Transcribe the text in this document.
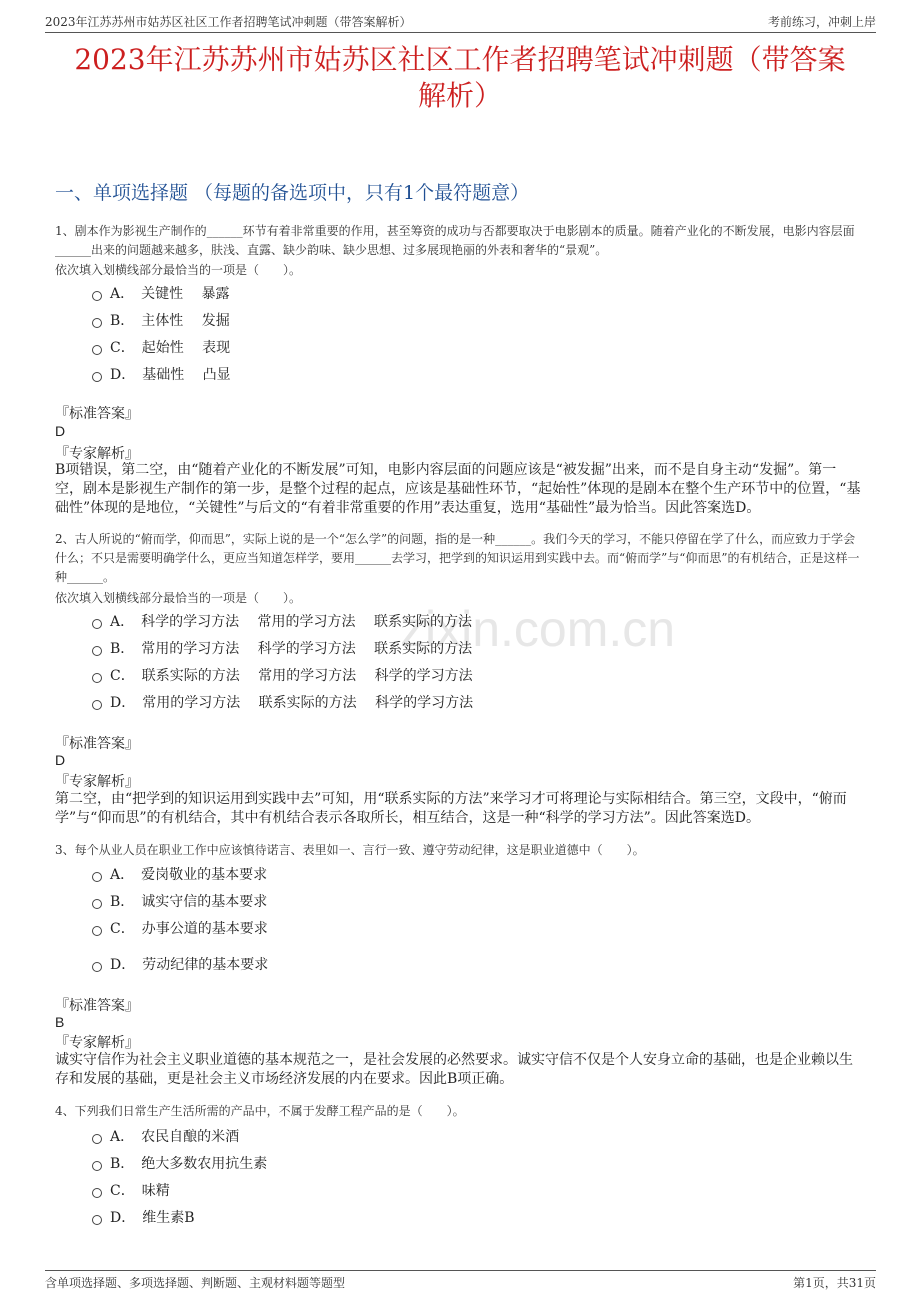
2023年江苏苏州市姑苏区社区工作者招聘笔试冲刺题（带答案解析）	考前练习，冲刺上岸
2023年江苏苏州市姑苏区社区工作者招聘笔试冲刺题（带答案
解析）
zixin.com.cn
一、单项选择题 （每题的备选项中，只有1个最符题意）
1、剧本作为影视生产制作的______环节有着非常重要的作用，甚至筹资的成功与否都要取决于电影剧本的质量。随着产业化的不断发展，电影内容层面______出来的问题越来越多，肤浅、直露、缺少韵味、缺少思想、过多展现艳丽的外表和奢华的“景观”。
依次填入划横线部分最恰当的一项是（　　）。
A．　关键性　 暴露
B．　主体性　 发掘
C．　起始性　 表现
D．　基础性　 凸显
『标准答案』
D
『专家解析』
B项错误，第二空，由“随着产业化的不断发展”可知，电影内容层面的问题应该是“被发掘”出来，而不是自身主动“发掘”。第一空，剧本是影视生产制作的第一步，是整个过程的起点，应该是基础性环节，“起始性”体现的是剧本在整个生产环节中的位置，“基础性”体现的是地位，“关键性”与后文的“有着非常重要的作用”表达重复，选用“基础性”最为恰当。因此答案选D。
2、古人所说的“俯而学，仰而思”，实际上说的是一个“怎么学”的问题，指的是一种______。我们今天的学习，不能只停留在学了什么，而应致力于学会什么；不只是需要明确学什么，更应当知道怎样学，要用______去学习，把学到的知识运用到实践中去。而“俯而学”与“仰而思”的有机结合，正是这样一种______。
依次填入划横线部分最恰当的一项是（　　）。
A．　科学的学习方法　 常用的学习方法　 联系实际的方法
B．　常用的学习方法　 科学的学习方法　 联系实际的方法
C．　联系实际的方法　 常用的学习方法　 科学的学习方法
D．　常用的学习方法　 联系实际的方法　 科学的学习方法
『标准答案』
D
『专家解析』
第二空，由“把学到的知识运用到实践中去”可知，用“联系实际的方法”来学习才可将理论与实际相结合。第三空，文段中，“俯而学”与“仰而思”的有机结合，其中有机结合表示各取所长，相互结合，这是一种“科学的学习方法”。因此答案选D。
3、每个从业人员在职业工作中应该慎待诺言、表里如一、言行一致、遵守劳动纪律，这是职业道德中（　　）。
A．　爱岗敬业的基本要求
B．　诚实守信的基本要求
C．　办事公道的基本要求
D．　劳动纪律的基本要求
『标准答案』
B
『专家解析』
诚实守信作为社会主义职业道德的基本规范之一，是社会发展的必然要求。诚实守信不仅是个人安身立命的基础，也是企业赖以生存和发展的基础，更是社会主义市场经济发展的内在要求。因此B项正确。
4、下列我们日常生产生活所需的产品中，不属于发酵工程产品的是（　　）。
A．　农民自酿的米酒
B．　绝大多数农用抗生素
C．　味精
D．　维生素B
含单项选择题、多项选择题、判断题、主观材料题等题型	第1页，共31页
